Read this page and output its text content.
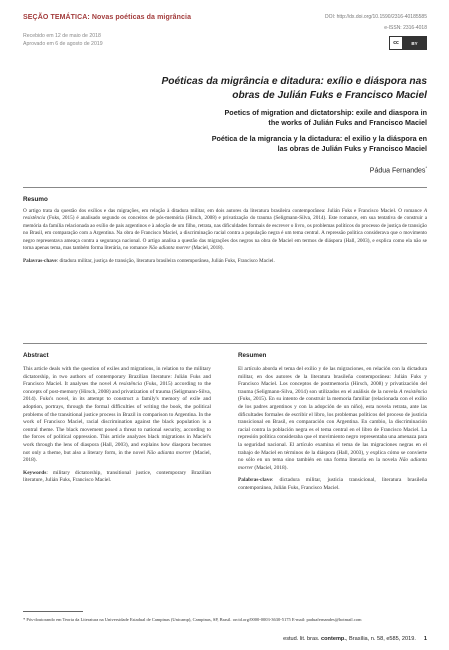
SEÇÃO TEMÁTICA: Novas poéticas da migrância	DOI: http://dx.doi.org/10.1590/2316-40185585
e-ISSN: 2316-4018
Recebido em 12 de maio de 2018
Aprovado em 6 de agosto de 2019	cc	BY
Poéticas da migrância e ditadura: exílio e diáspora nas
obras de Julián Fuks e Francisco Maciel
Poetics of migration and dictatorship: exile and diaspora in
the works of Julián Fuks and Francisco Maciel
Poética de la migrancia y la dictadura: el exilio y la diáspora en
las obras de Julián Fuks y Francisco Maciel
Pádua Fernandes*
Resumo
O artigo trata da questão dos exílios e das migrações, em relação à ditadura militar, em dois autores da literatura brasileira contemporânea: Julián Fuks e Francisco Maciel. O romance A resistência (Fuks, 2015) é analisado segundo os conceitos de pós-memória (Hirsch, 2008) e privatização do trauma (Seligmann-Silva, 2014). Este romance, em sua tentativa de construir a memória da família relacionada ao exílio de pais argentinos e à adoção de um filho, retrata, nas dificuldades formais de escrever o livro, os problemas políticos do processo de justiça de transição no Brasil, em comparação com a Argentina. Na obra de Francisco Maciel, a discriminação racial contra a população negra é um tema central. A repressão política considerava que o movimento negro representava ameaça contra a segurança nacional. O artigo analisa a questão das migrações dos negros na obra de Maciel em termos de diáspora (Hall, 2003), e explica como ela não se torna apenas tema, mas também forma literária, no romance Não adianta morrer (Maciel, 2018).
Palavras-chave: ditadura militar, justiça de transição, literatura brasileira contemporânea, Julián Fuks, Francisco Maciel.
Abstract	Resumen
This article deals with the question of exiles and migrations, in relation to the military dictatorship, in two authors of contemporary Brazilian literature: Julián Fuks and Francisco Maciel. It analyses the novel A resistência (Fuks, 2015) according to the concepts of post-memory (Hirsch, 2008) and privatization of trauma (Seligmann-Silva, 2014). Fuks's novel, in its attempt to construct a family's memory of exile and adoption, portrays, through the formal difficulties of writing the book, the political problems of the transitional justice process in Brazil in comparison to Argentina. In the work of Francisco Maciel, racial discrimination against the black population is a central theme. The black movement posed a threat to national security, according to the forces of political oppression. This article analyzes black migrations in Maciel's work through the lens of diaspora (Hall, 2003), and explains how diaspora becomes not only a theme, but also a literary form, in the novel Não adianta morrer (Maciel, 2018).
Keywords: military dictatorship, transitional justice, contemporary Brazilian literature, Julián Fuks, Francisco Maciel.
El artículo aborda el tema del exilio y de las migraciones, en relación con la dictadura militar, en dos autores de la literatura brasileña contemporánea: Julián Fuks y Francisco Maciel. Los conceptos de postmemoria (Hirsch, 2008) y privatización del trauma (Seligmann-Silva, 2014) son utilizados en el análisis de la novela A resistência (Fuks, 2015). En su intento de construir la memoria familiar (relacionada con el exilio de los padres argentinos y con la adopción de un niño), esta novela retrata, ante las dificultades formales de escribir el libro, los problemas políticos del proceso de justicia transicional en Brasil, en comparación con Argentina. En cambio, la discriminación racial contra la población negra es el tema central en el libro de Francisco Maciel. La represión política consideraba que el movimiento negro representaba una amenaza para la seguridad nacional. El artículo examina el tema de las migraciones negras en el trabajo de Maciel en términos de la diáspora (Hall, 2003), y explica cómo se convierte no sólo en un tema sino también en una forma literaria en la novela Não adianta morrer (Maciel, 2018).
Palabras-clave: dictadura militar, justicia transicional, literatura brasileña contemporánea, Julián Fuks, Francisco Maciel.
* Pós-doutorando em Teoria da Literatura na Universidade Estadual de Campinas (Unicamp), Campinas, SP, Brasil. orcid.org/0000-0003-3630-5175 E-mail: paduafernandes@hotmail.com
estud. lit. bras. contemp., Brasília, n. 58, e585, 2019. 1
